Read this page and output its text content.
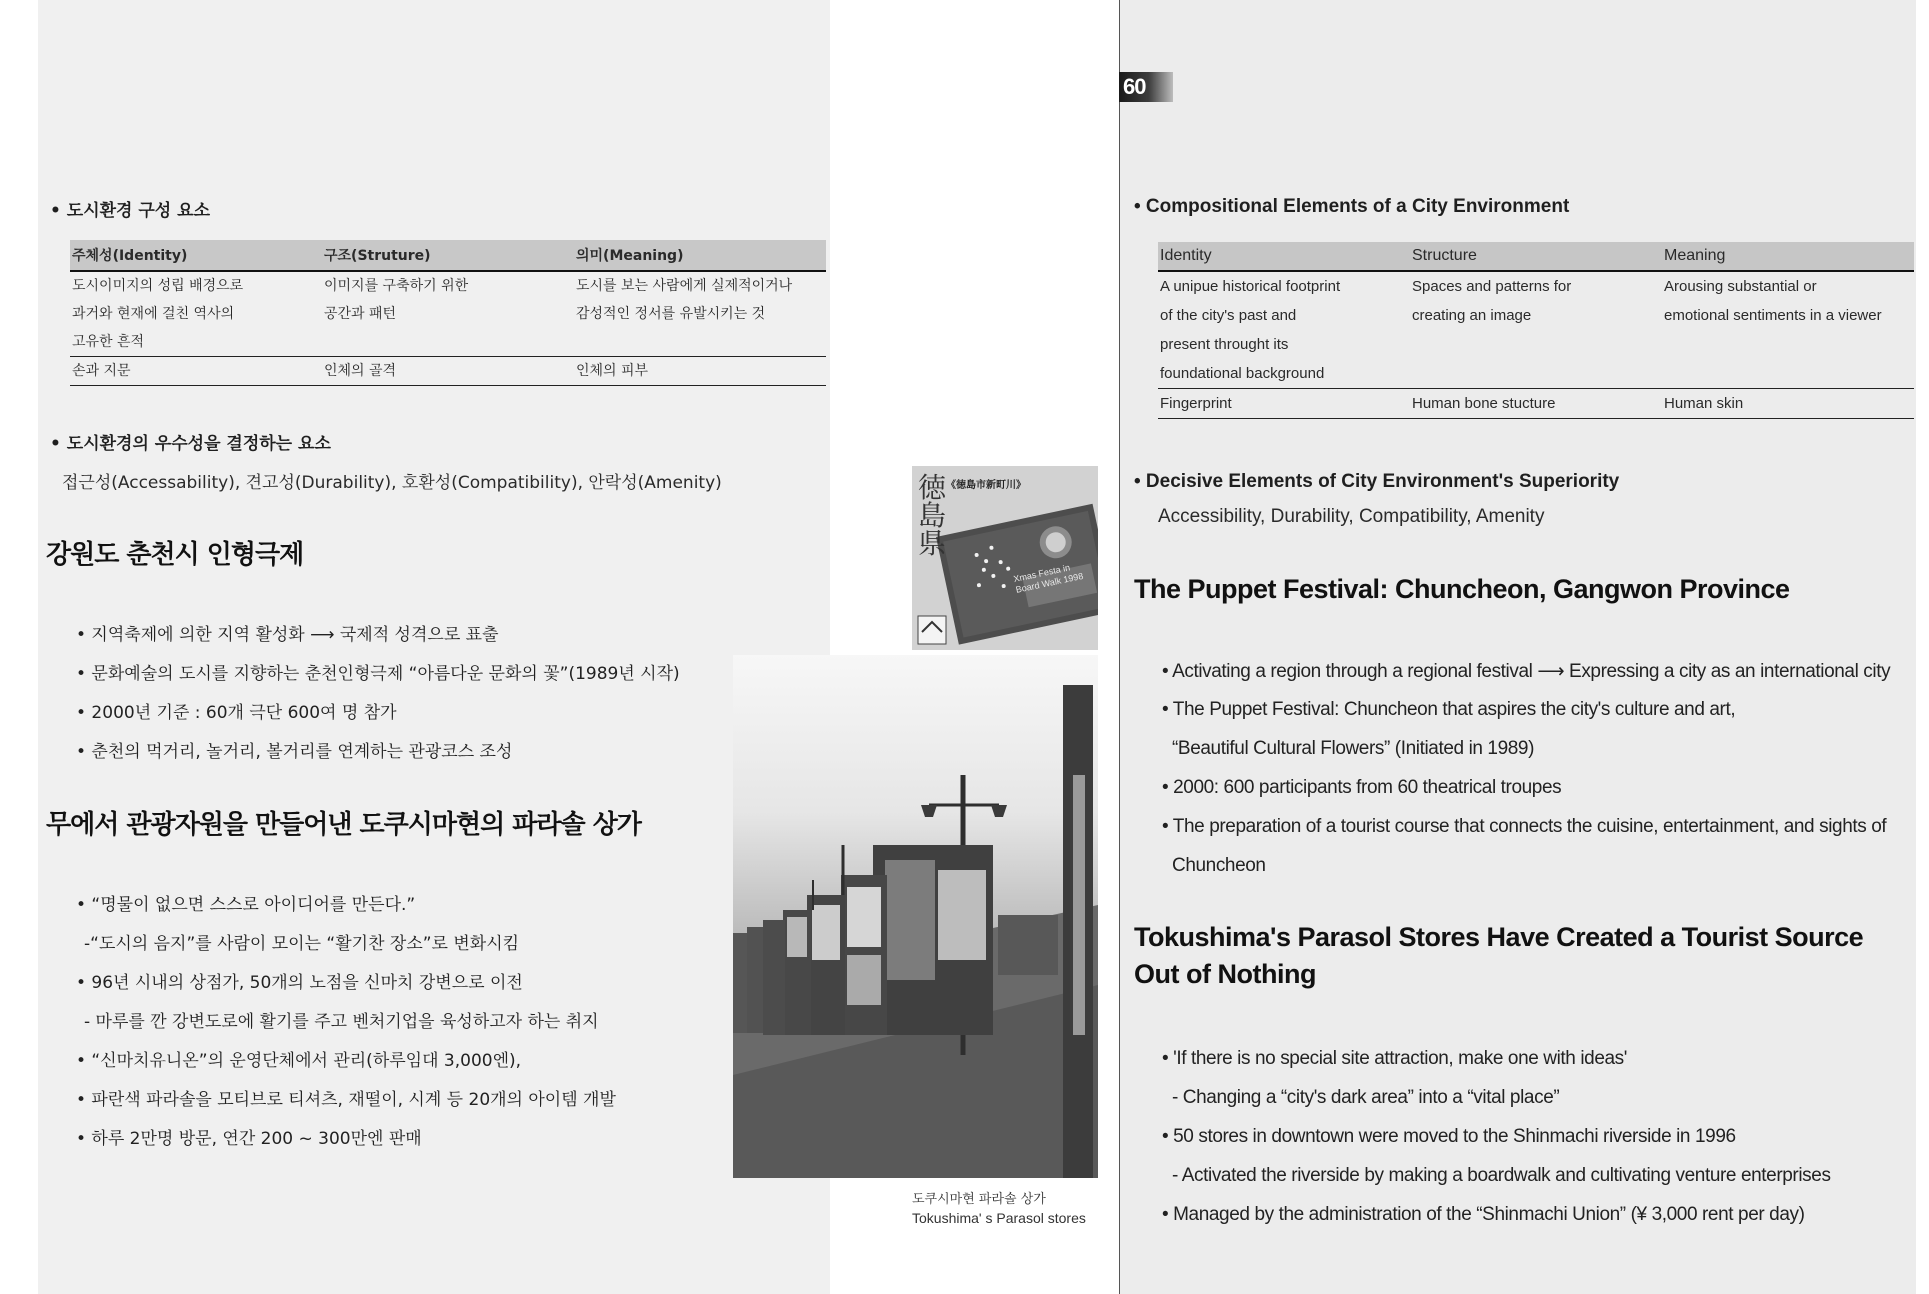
60
• 도시환경 구성 요소
주체성(Identity)	구조(Struture)	의미(Meaning)
도시이미지의 성립 배경으로	이미지를 구축하기 위한	도시를 보는 사람에게 실제적이거나
과거와 현재에 걸친 역사의	공간과 패턴	감성적인 정서를 유발시키는 것
고유한 흔적		
손과 지문	인체의 골격	인체의 피부
• 도시환경의 우수성을 결정하는 요소
접근성(Accessability), 견고성(Durability), 호환성(Compatibility), 안락성(Amenity)
강원도 춘천시 인형극제
• 지역축제에 의한 지역 활성화 ⟶ 국제적 성격으로 표출
• 문화예술의 도시를 지향하는 춘천인형극제 “아름다운 문화의 꽃”(1989년 시작)
• 2000년 기준 : 60개 극단 600여 명 참가
• 춘천의 먹거리, 놀거리, 볼거리를 연계하는 관광코스 조성
무에서 관광자원을 만들어낸 도쿠시마현의 파라솔 상가
• “명물이 없으면 스스로 아이디어를 만든다.”
-“도시의 음지”를 사람이 모이는 “활기찬 장소”로 변화시킴
• 96년 시내의 상점가, 50개의 노점을 신마치 강변으로 이전
- 마루를 깐 강변도로에 활기를 주고 벤처기업을 육성하고자 하는 취지
• “신마치유니온”의 운영단체에서 관리(하루임대 3,000엔),
• 파란색 파라솔을 모티브로 티셔츠, 재떨이, 시계 등 20개의 아이템 개발
• 하루 2만명 방문, 연간 200 ~ 300만엔 판매
徳島県
《徳島市新町川》
Xmas Festa in Board Walk 1998
도쿠시마현 파라솔 상가
Tokushima' s Parasol stores
• Compositional Elements of a City Environment
Identity	Structure	Meaning
A unipue historical footprint	Spaces and patterns for	Arousing substantial or
of the city's past and	creating an image	emotional sentiments in a viewer
present throught its		
foundational background		
Fingerprint	Human bone stucture	Human skin
• Decisive Elements of City Environment's Superiority
Accessibility, Durability, Compatibility, Amenity
The Puppet Festival: Chuncheon, Gangwon Province
• Activating a region through a regional festival ⟶ Expressing a city as an international city
• The Puppet Festival: Chuncheon that aspires the city's culture and art,
“Beautiful Cultural Flowers” (Initiated in 1989)
• 2000: 600 participants from 60 theatrical troupes
• The preparation of a tourist course that connects the cuisine, entertainment, and sights of
Chuncheon
Tokushima's Parasol Stores Have Created a Tourist Source
Out of Nothing
• 'If there is no special site attraction, make one with ideas'
- Changing a “city's dark area” into a “vital place”
• 50 stores in downtown were moved to the Shinmachi riverside in 1996
- Activated the riverside by making a boardwalk and cultivating venture enterprises
• Managed by the administration of the “Shinmachi Union” (¥ 3,000 rent per day)
